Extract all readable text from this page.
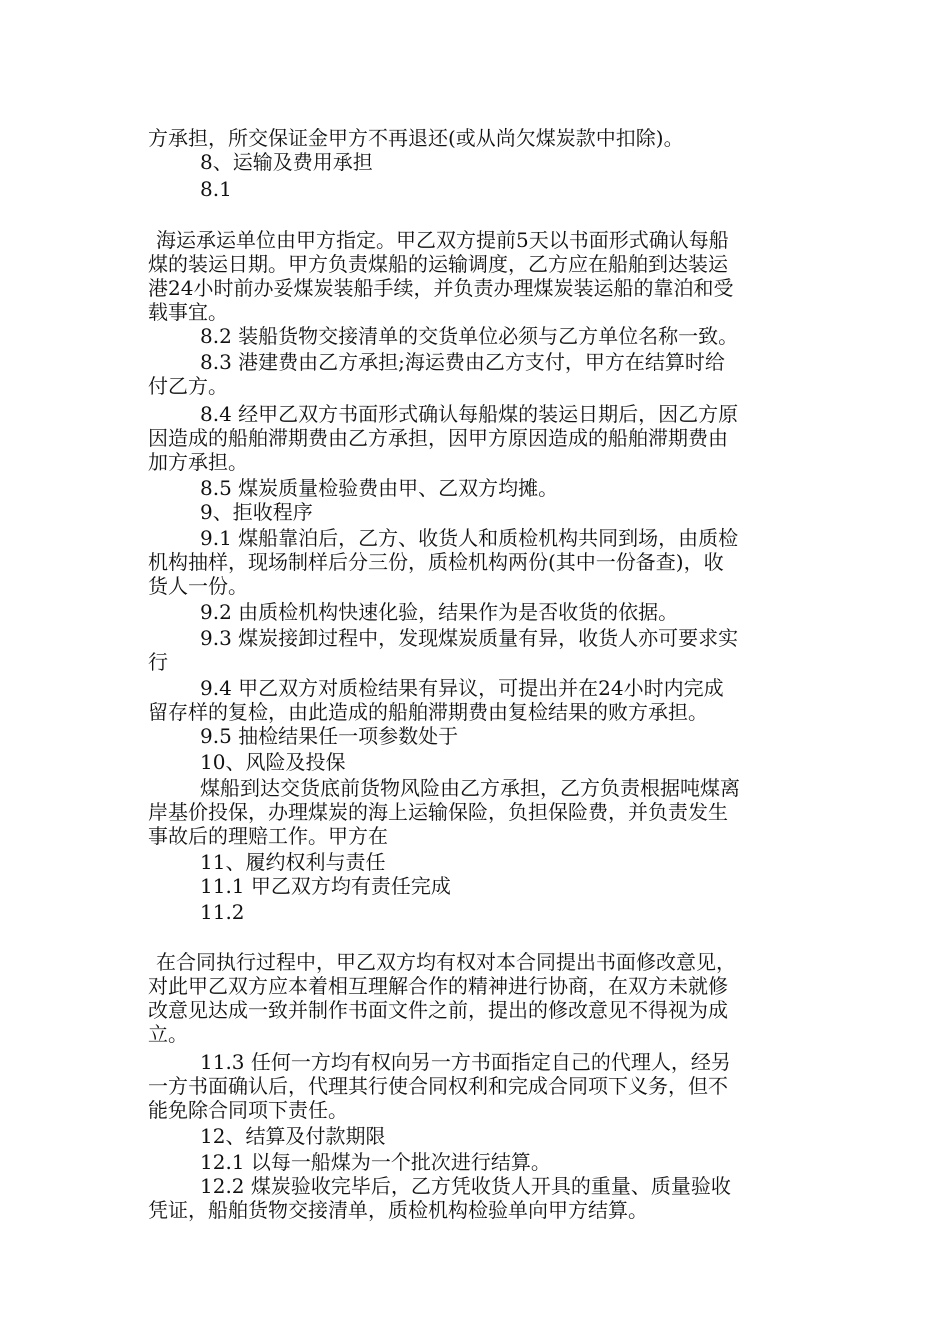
方承担，所交保证金甲方不再退还(或从尚欠煤炭款中扣除)。
8、运输及费用承担
8.1
海运承运单位由甲方指定。甲乙双方提前5天以书面形式确认每船
煤的装运日期。甲方负责煤船的运输调度，乙方应在船舶到达装运
港24小时前办妥煤炭装船手续，并负责办理煤炭装运船的靠泊和受
载事宜。
8.2 装船货物交接清单的交货单位必须与乙方单位名称一致。
8.3 港建费由乙方承担;海运费由乙方支付，甲方在结算时给
付乙方。
8.4 经甲乙双方书面形式确认每船煤的装运日期后，因乙方原
因造成的船舶滞期费由乙方承担，因甲方原因造成的船舶滞期费由
加方承担。
8.5 煤炭质量检验费由甲、乙双方均摊。
9、拒收程序
9.1 煤船靠泊后，乙方、收货人和质检机构共同到场，由质检
机构抽样，现场制样后分三份，质检机构两份(其中一份备查)，收
货人一份。
9.2 由质检机构快速化验，结果作为是否收货的依据。
9.3 煤炭接卸过程中，发现煤炭质量有异，收货人亦可要求实
行
9.4 甲乙双方对质检结果有异议，可提出并在24小时内完成
留存样的复检，由此造成的船舶滞期费由复检结果的败方承担。
9.5 抽检结果任一项参数处于
10、风险及投保
煤船到达交货底前货物风险由乙方承担，乙方负责根据吨煤离
岸基价投保，办理煤炭的海上运输保险，负担保险费，并负责发生
事故后的理赔工作。甲方在
11、履约权利与责任
11.1 甲乙双方均有责任完成
11.2
在合同执行过程中，甲乙双方均有权对本合同提出书面修改意见，
对此甲乙双方应本着相互理解合作的精神进行协商，在双方未就修
改意见达成一致并制作书面文件之前，提出的修改意见不得视为成
立。
11.3 任何一方均有权向另一方书面指定自己的代理人，经另
一方书面确认后，代理其行使合同权利和完成合同项下义务，但不
能免除合同项下责任。
12、结算及付款期限
12.1 以每一船煤为一个批次进行结算。
12.2 煤炭验收完毕后，乙方凭收货人开具的重量、质量验收
凭证，船舶货物交接清单，质检机构检验单向甲方结算。
